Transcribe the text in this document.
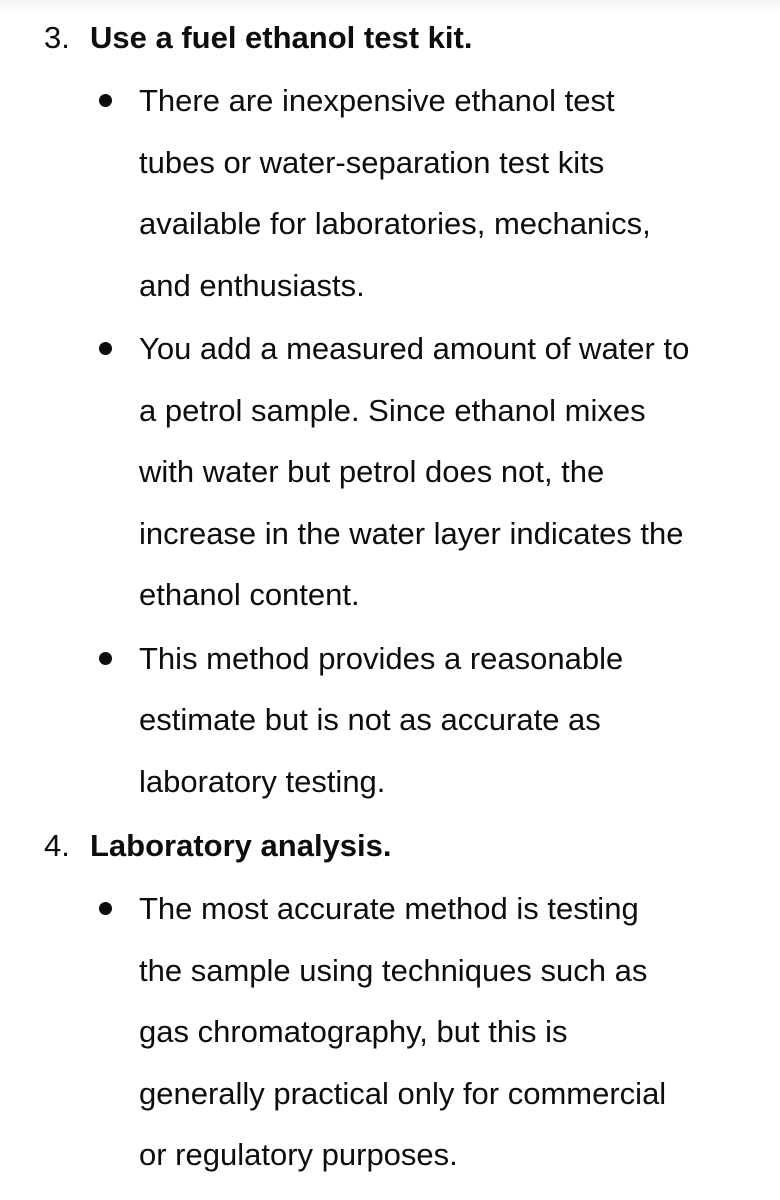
3. Use a fuel ethanol test kit.
There are inexpensive ethanol test
tubes or water-separation test kits
available for laboratories, mechanics,
and enthusiasts.
You add a measured amount of water to
a petrol sample. Since ethanol mixes
with water but petrol does not, the
increase in the water layer indicates the
ethanol content.
This method provides a reasonable
estimate but is not as accurate as
laboratory testing.
4. Laboratory analysis.
The most accurate method is testing
the sample using techniques such as
gas chromatography, but this is
generally practical only for commercial
or regulatory purposes.
